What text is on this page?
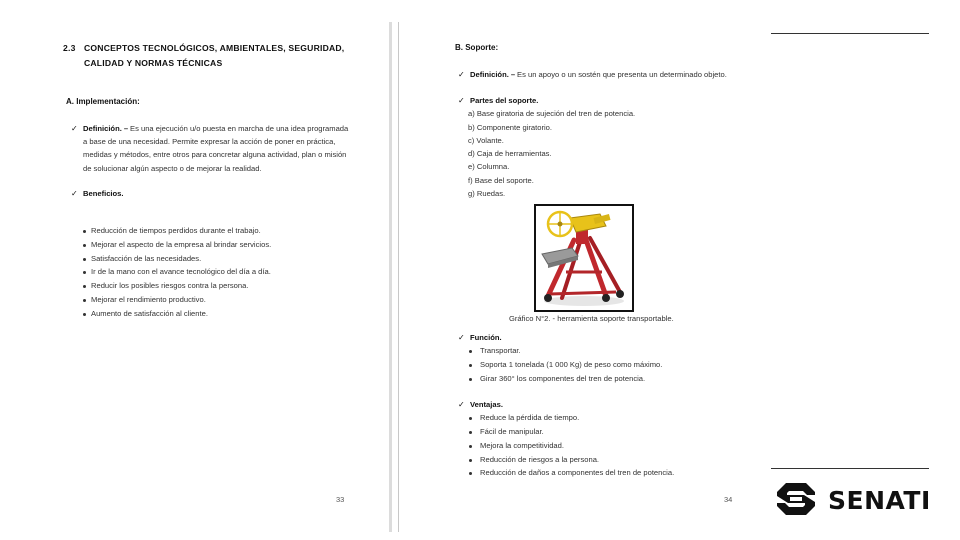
2.3 CONCEPTOS TECNOLÓGICOS, AMBIENTALES, SEGURIDAD,
CALIDAD Y NORMAS TÉCNICAS
A. Implementación:
✓ Definición. – Es una ejecución u/o puesta en marcha de una idea programada
a base de una necesidad. Permite expresar la acción de poner en práctica,
medidas y métodos, entre otros para concretar alguna actividad, plan o misión
de solucionar algún aspecto o de mejorar la realidad.
✓ Beneficios.
Reducción de tiempos perdidos durante el trabajo.
Mejorar el aspecto de la empresa al brindar servicios.
Satisfacción de las necesidades.
Ir de la mano con el avance tecnológico del día a día.
Reducir los posibles riesgos contra la persona.
Mejorar el rendimiento productivo.
Aumento de satisfacción al cliente.
33
B. Soporte:
✓ Definición. – Es un apoyo o un sostén que presenta un determinado objeto.
✓ Partes del soporte.
a) Base giratoria de sujeción del tren de potencia.
b) Componente giratorio.
c) Volante.
d) Caja de herramientas.
e) Columna.
f) Base del soporte.
g) Ruedas.
Gráfico N°2. - herramienta soporte transportable.
✓ Función.
Transportar.
Soporta 1 tonelada (1 000 Kg) de peso como máximo.
Girar 360° los componentes del tren de potencia.
✓ Ventajas.
Reduce la pérdida de tiempo.
Fácil de manipular.
Mejora la competitividad.
Reducción de riesgos a la persona.
Reducción de daños a componentes del tren de potencia.
34	SENATI
